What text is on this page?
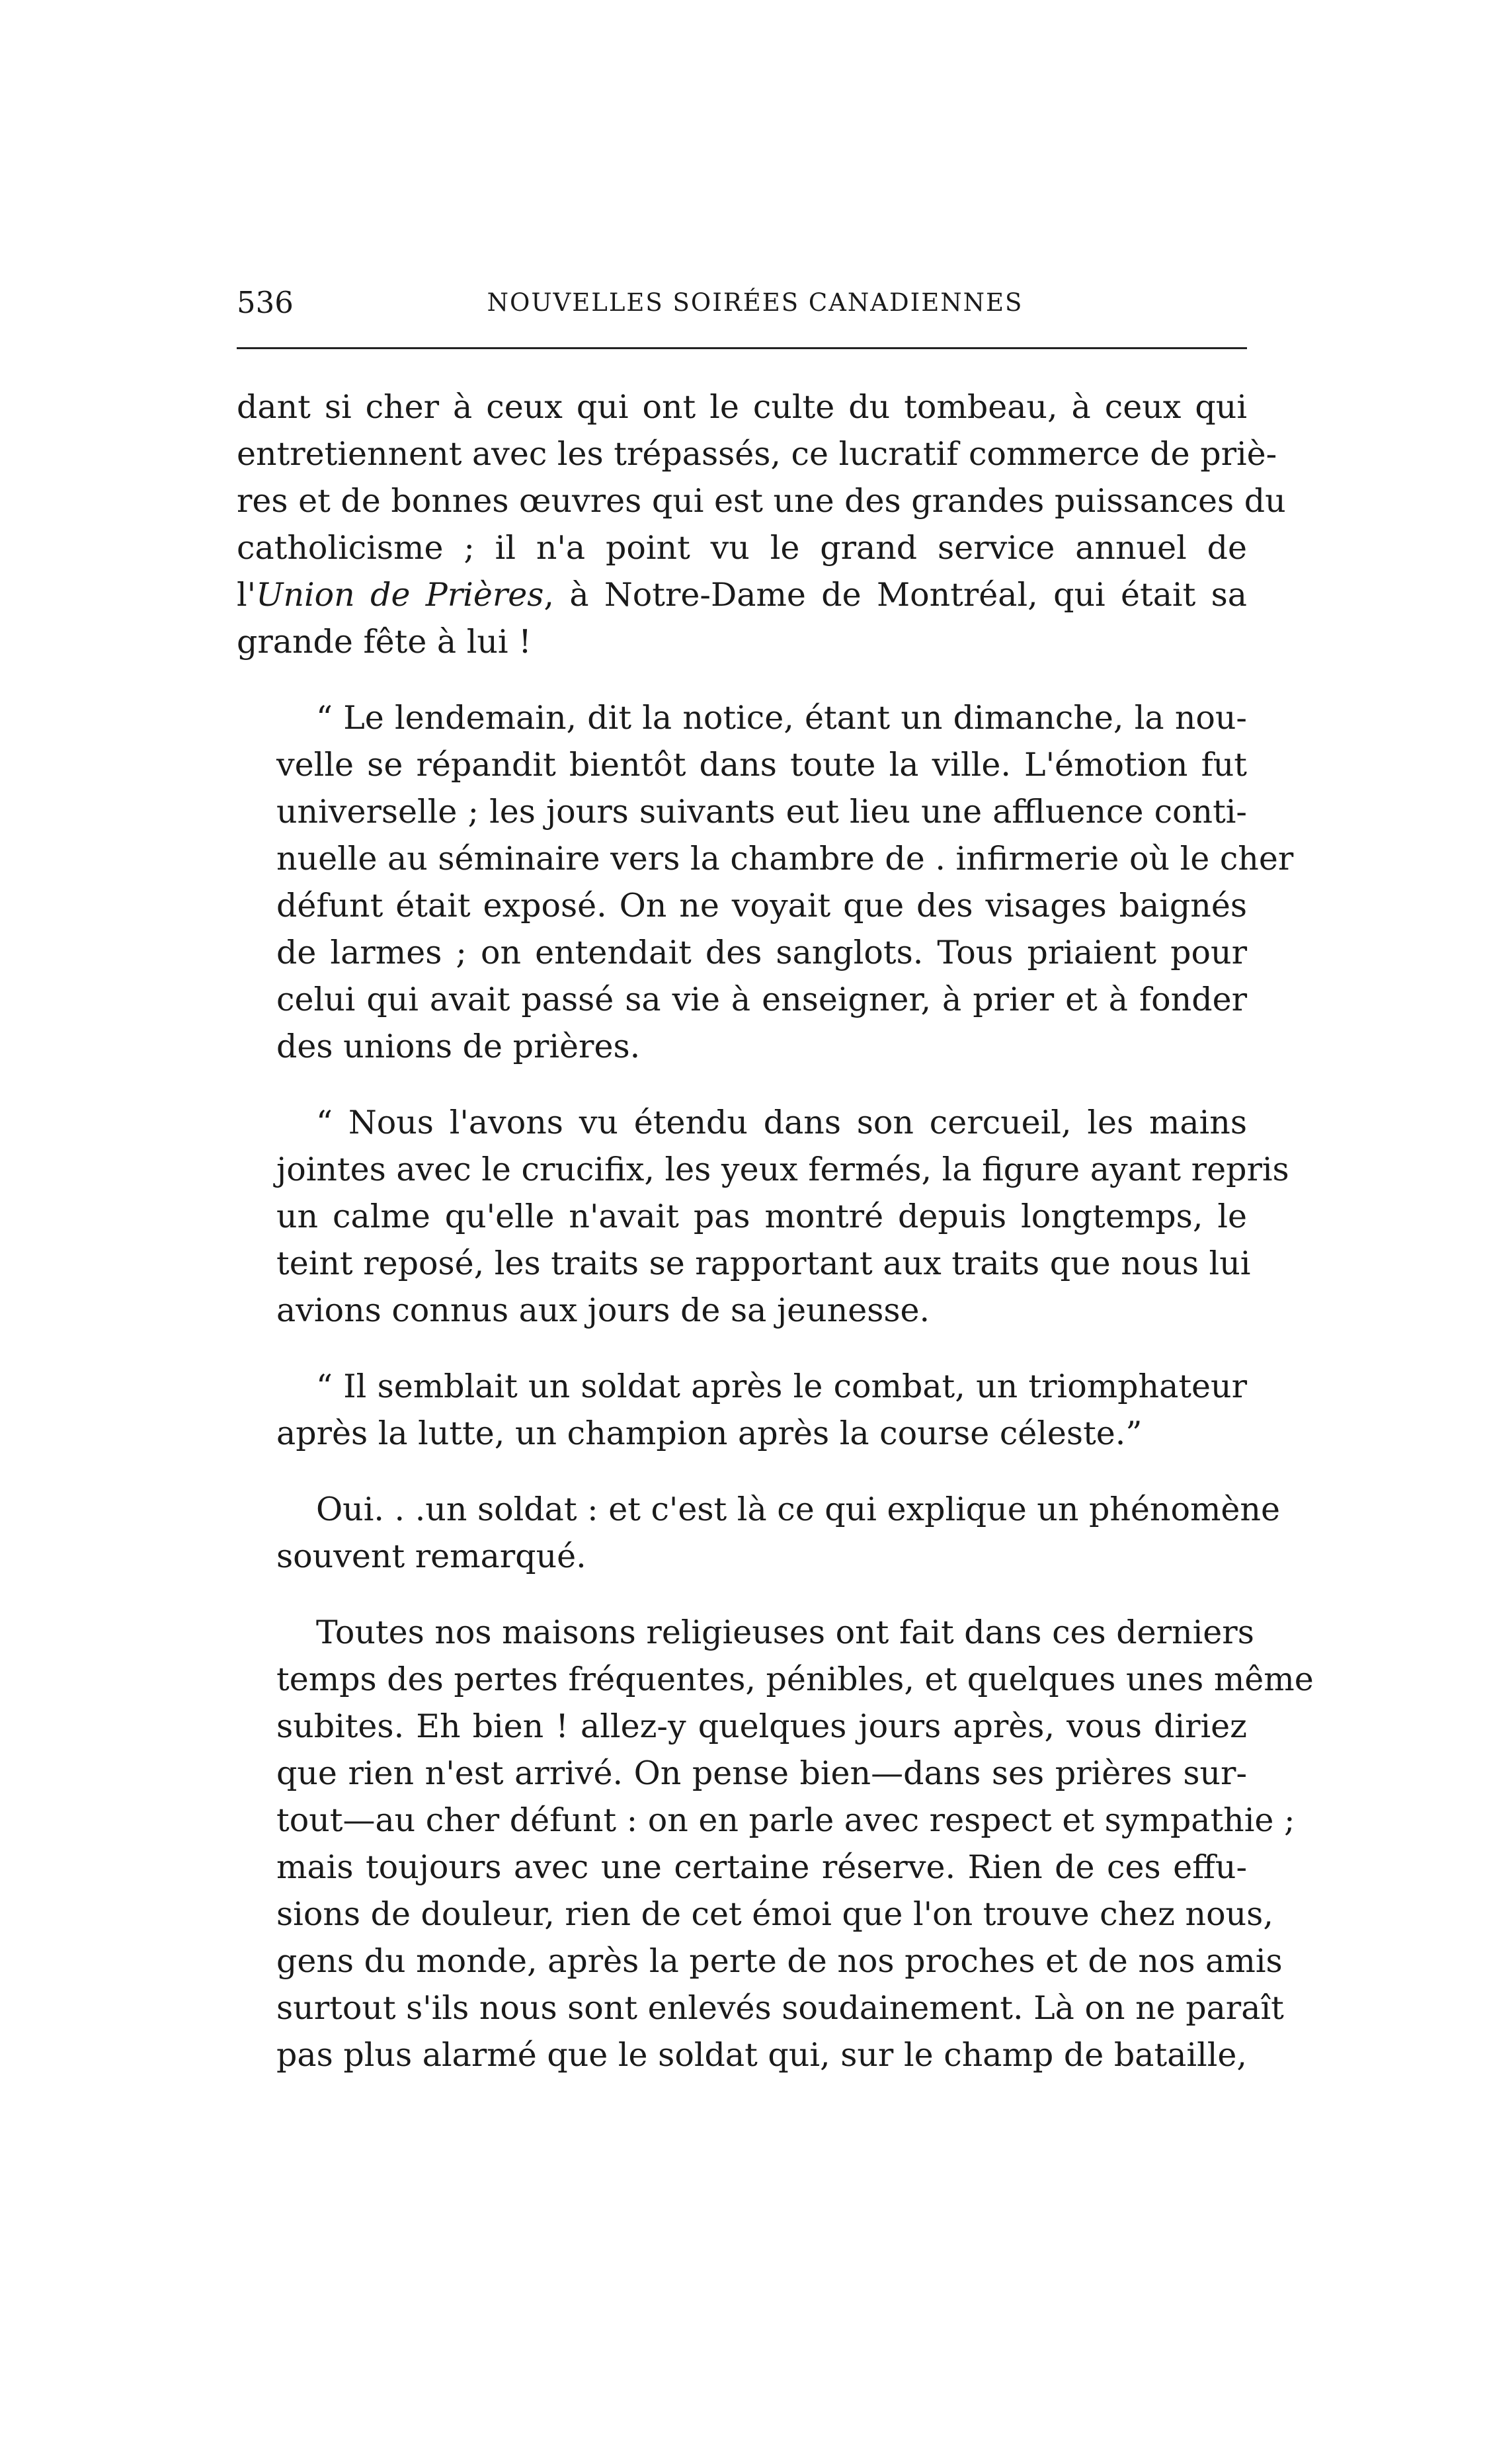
536	NOUVELLES SOIRÉES CANADIENNES

dant si cher à ceux qui ont le culte du tombeau, à ceux qui
entretiennent avec les trépassés, ce lucratif commerce de priè-
res et de bonnes œuvres qui est une des grandes puissances du
catholicisme ; il n'a point vu le grand service annuel de
l'Union de Prières, à Notre-Dame de Montréal, qui était sa
grande fête à lui !

“ Le lendemain, dit la notice, étant un dimanche, la nou-
velle se répandit bientôt dans toute la ville. L'émotion fut
universelle ; les jours suivants eut lieu une affluence conti-
nuelle au séminaire vers la chambre de . infirmerie où le cher
défunt était exposé. On ne voyait que des visages baignés
de larmes ; on entendait des sanglots. Tous priaient pour
celui qui avait passé sa vie à enseigner, à prier et à fonder
des unions de prières.

“ Nous l'avons vu étendu dans son cercueil, les mains
jointes avec le crucifix, les yeux fermés, la figure ayant repris
un calme qu'elle n'avait pas montré depuis longtemps, le
teint reposé, les traits se rapportant aux traits que nous lui
avions connus aux jours de sa jeunesse.

“ Il semblait un soldat après le combat, un triomphateur
après la lutte, un champion après la course céleste.”

Oui. . .un soldat : et c'est là ce qui explique un phénomène
souvent remarqué.

Toutes nos maisons religieuses ont fait dans ces derniers
temps des pertes fréquentes, pénibles, et quelques unes même
subites. Eh bien ! allez-y quelques jours après, vous diriez
que rien n'est arrivé. On pense bien—dans ses prières sur-
tout—au cher défunt : on en parle avec respect et sympathie ;
mais toujours avec une certaine réserve. Rien de ces effu-
sions de douleur, rien de cet émoi que l'on trouve chez nous,
gens du monde, après la perte de nos proches et de nos amis
surtout s'ils nous sont enlevés soudainement. Là on ne paraît
pas plus alarmé que le soldat qui, sur le champ de bataille,
